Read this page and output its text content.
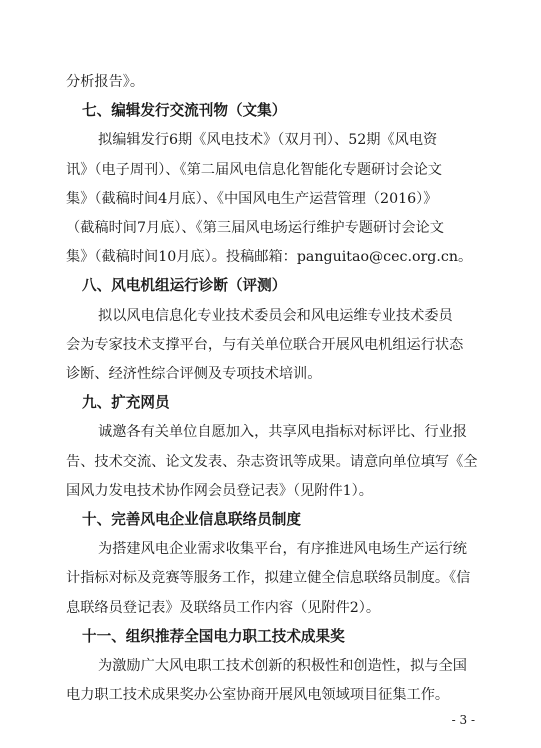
分析报告》。
七、编辑发行交流刊物（文集）
拟编辑发行6期《风电技术》（双月刊）、52期《风电资
讯》（电子周刊）、《第二届风电信息化智能化专题研讨会论文
集》（截稿时间4月底）、《中国风电生产运营管理（2016）》
（截稿时间7月底）、《第三届风电场运行维护专题研讨会论文
集》（截稿时间10月底）。投稿邮箱：panguitao@cec.org.cn。
八、风电机组运行诊断（评测）
拟以风电信息化专业技术委员会和风电运维专业技术委员
会为专家技术支撑平台，与有关单位联合开展风电机组运行状态
诊断、经济性综合评侧及专项技术培训。
九、扩充网员
诚邀各有关单位自愿加入，共享风电指标对标评比、行业报
告、技术交流、论文发表、杂志资讯等成果。请意向单位填写《全
国风力发电技术协作网会员登记表》（见附件1）。
十、完善风电企业信息联络员制度
为搭建风电企业需求收集平台，有序推进风电场生产运行统
计指标对标及竞赛等服务工作，拟建立健全信息联络员制度。《信
息联络员登记表》及联络员工作内容（见附件2）。
十一、组织推荐全国电力职工技术成果奖
为激励广大风电职工技术创新的积极性和创造性，拟与全国
电力职工技术成果奖办公室协商开展风电领域项目征集工作。
- 3 -
